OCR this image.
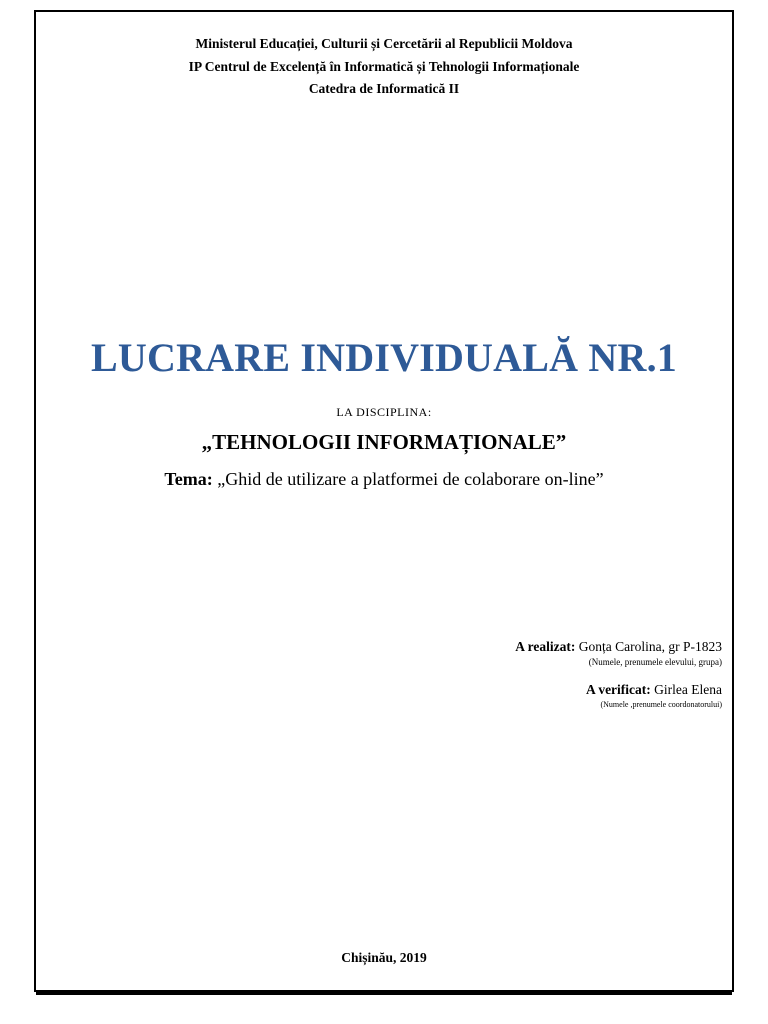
Ministerul Educației, Culturii și Cercetării al Republicii Moldova
IP Centrul de Excelență în Informatică și Tehnologii Informaționale
Catedra de Informatică II
LUCRARE INDIVIDUALĂ NR.1
LA DISCIPLINA:
„TEHNOLOGII INFORMAȚIONALE”
Tema: „Ghid de utilizare a platformei de colaborare on-line”
A realizat: Gonța Carolina, gr P-1823
(Numele, prenumele elevului, grupa)
A verificat: Girlea Elena
(Numele ,prenumele coordonatorului)
Chișinău, 2019
